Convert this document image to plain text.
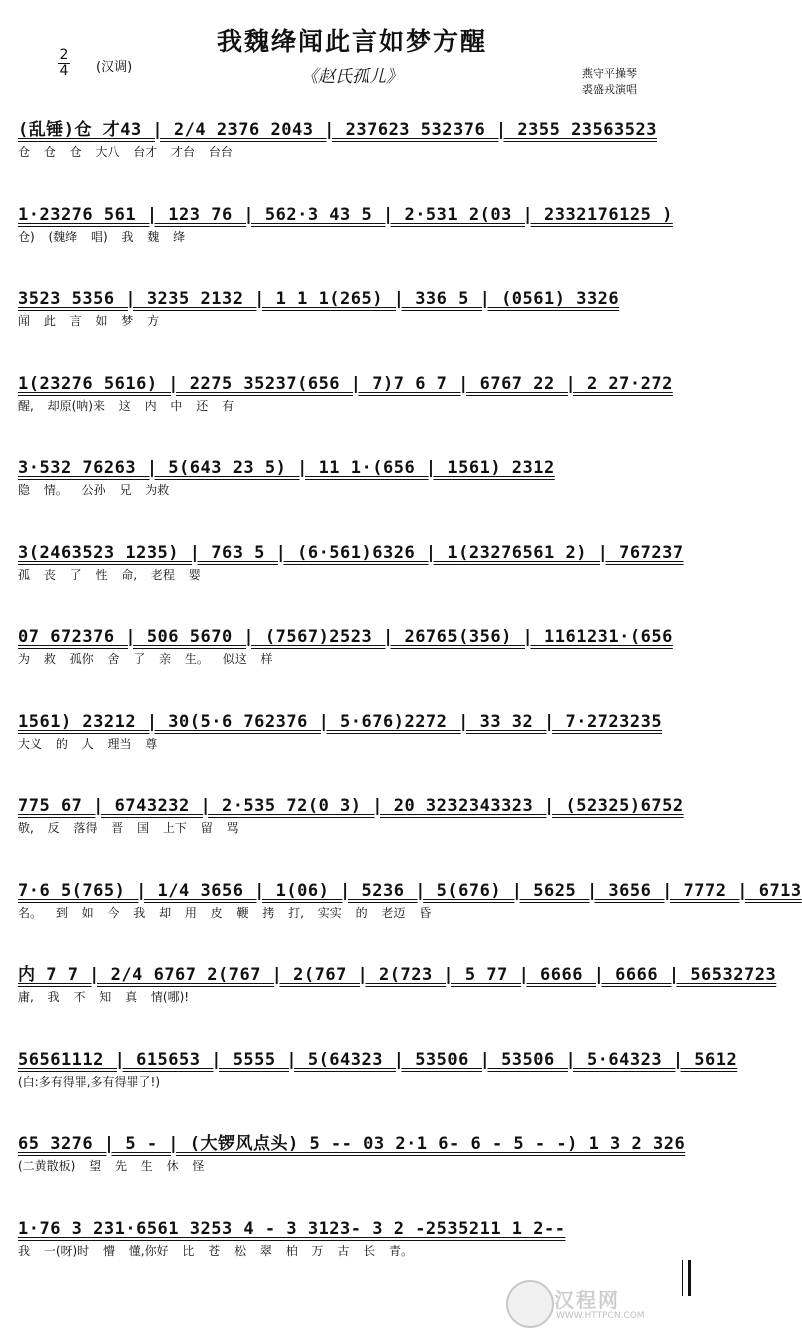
我魏绛闻此言如梦方醒
《赵氏孤儿》
2
4 (汉调)	燕守平操琴
裘盛戎演唱
(乱锤)仓 才43 | 2/4 2376 2043 | 237623 532376 | 2355 23563523
仓 仓 仓 大八 台才 才台 台台
1·23276 561 | 123 76 | 562·3 43 5 | 2·531 2(03 | 2332176125 )
仓) (魏绛 唱) 我 魏 绛
3523 5356 | 3235 2132 | 1 1 1(265) | 336 5 | (0561) 3326
闻 此 言 如 梦 方
1(23276 5616) | 2275 35237(656 | 7)7 6 7 | 6767 22 | 2 27·272
醒, 却原(呐)来 这 内 中 还 有
3·532 76263 | 5(643 23 5) | 11 1·(656 | 1561) 2312
隐 情。 公孙 兄 为救
3(2463523 1235) | 763 5 | (6·561)6326 | 1(23276561 2) | 767237
孤 丧 了 性 命, 老程 婴
07 672376 | 506 5670 | (7567)2523 | 26765(356) | 1161231·(656
为 救 孤你 舍 了 亲 生。 似这 样
1561) 23212 | 30(5·6 762376 | 5·676)2272 | 33 32 | 7·2723235
大义 的 人 理当 尊
775 67 | 6743232 | 2·535 72(0 3) | 20 3232343323 | (52325)6752
敬, 反 落得 晋 国 上下 留 骂
7·6 5(765) | 1/4 3656 | 1(06) | 5236 | 5(676) | 5625 | 3656 | 7772 | 6713
名。 到 如 今 我 却 用 皮 鞭 拷 打, 实实 的 老迈 昏
内 7 7 | 2/4 6767 2(767 | 2(767 | 2(723 | 5 77 | 6666 | 6666 | 56532723
庸, 我 不 知 真 情(哪)!
56561112 | 615653 | 5555 | 5(64323 | 53506 | 53506 | 5·64323 | 5612
(白:多有得罪,多有得罪了!)
65 3276 | 5 - | (大锣风点头) 5 -- 03 2·1 6- 6 - 5 - -) 1 3 2 326
(二黄散板) 望 先 生 休 怪
1·76 3 231·6561 3253 4 - 3 3123- 3 2 -2535211 1 2--
我 一(呀)时 懵 懂,你好 比 苍 松 翠 柏 万 古 长 青。
汉程网
WWW.HTTPCN.COM
